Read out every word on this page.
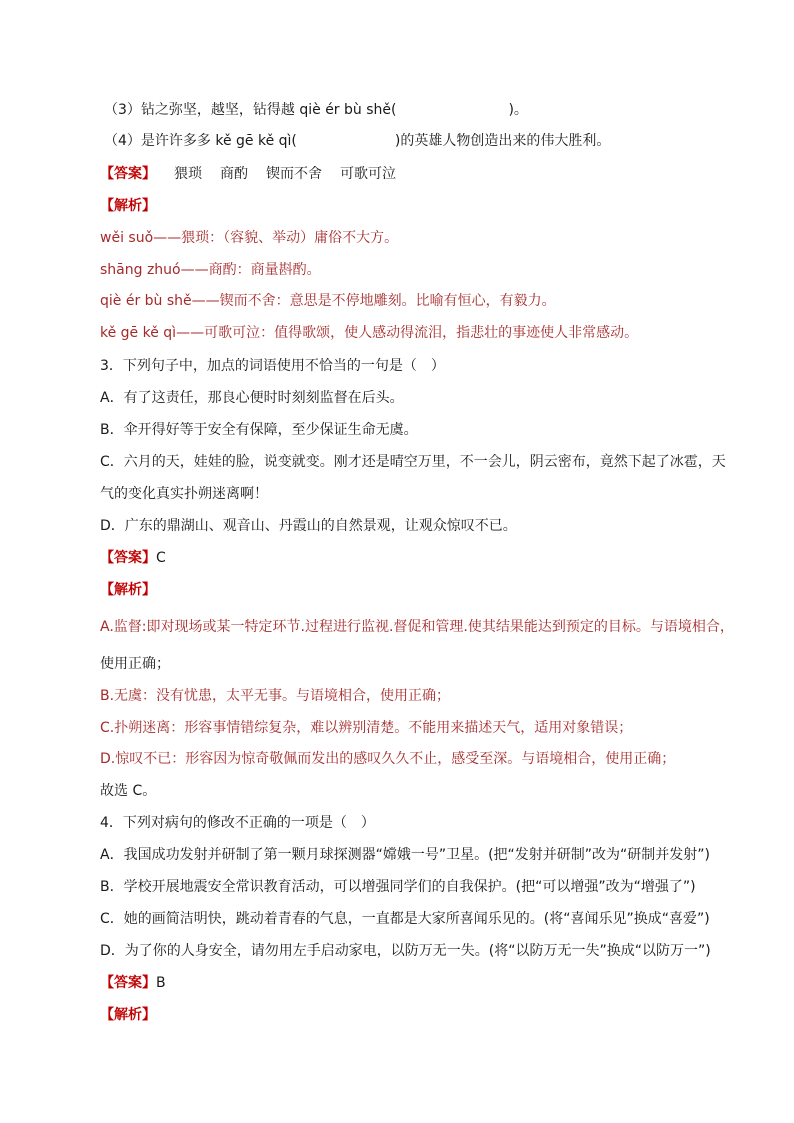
（3）钻之弥坚，越坚，钻得越 qiè ér bù shě(	)。
（4）是许许多多 kě gē kě qì(	)的英雄人物创造出来的伟大胜利。
【答案】 猥琐 商酌 锲而不舍 可歌可泣
【解析】
wěi suǒ——猥琐：（容貌、举动）庸俗不大方。
shāng zhuó——商酌：商量斟酌。
qiè ér bù shě——锲而不舍：意思是不停地雕刻。比喻有恒心，有毅力。
kě gē kě qì——可歌可泣：值得歌颂，使人感动得流泪，指悲壮的事迹使人非常感动。
3．下列句子中，加点的词语使用不恰当的一句是（　）
A．有了这责任，那良心便时时刻刻监督在后头。
B．伞开得好等于安全有保障，至少保证生命无虞。
C．六月的天，娃娃的脸，说变就变。刚才还是晴空万里，不一会儿，阴云密布，竟然下起了冰雹，天
气的变化真实扑朔迷离啊！
D．广东的鼎湖山、观音山、丹霞山的自然景观，让观众惊叹不已。
【答案】C
【解析】
A.监督:即对现场或某一特定环节.过程进行监视.督促和管理.使其结果能达到预定的目标。与语境相合，
使用正确；
B.无虞：没有忧患，太平无事。与语境相合，使用正确；
C.扑朔迷离：形容事情错综复杂，难以辨别清楚。不能用来描述天气，适用对象错误；
D.惊叹不已：形容因为惊奇敬佩而发出的感叹久久不止，感受至深。与语境相合，使用正确；
故选 C。
4．下列对病句的修改不正确的一项是（　）
A．我国成功发射并研制了第一颗月球探测器“嫦娥一号”卫星。(把“发射并研制”改为“研制并发射”)
B．学校开展地震安全常识教育活动，可以增强同学们的自我保护。(把“可以增强”改为“增强了”)
C．她的画简洁明快，跳动着青春的气息，一直都是大家所喜闻乐见的。(将“喜闻乐见”换成“喜爱”)
D．为了你的人身安全，请勿用左手启动家电，以防万无一失。(将“以防万无一失”换成“以防万一”)
【答案】B
【解析】
